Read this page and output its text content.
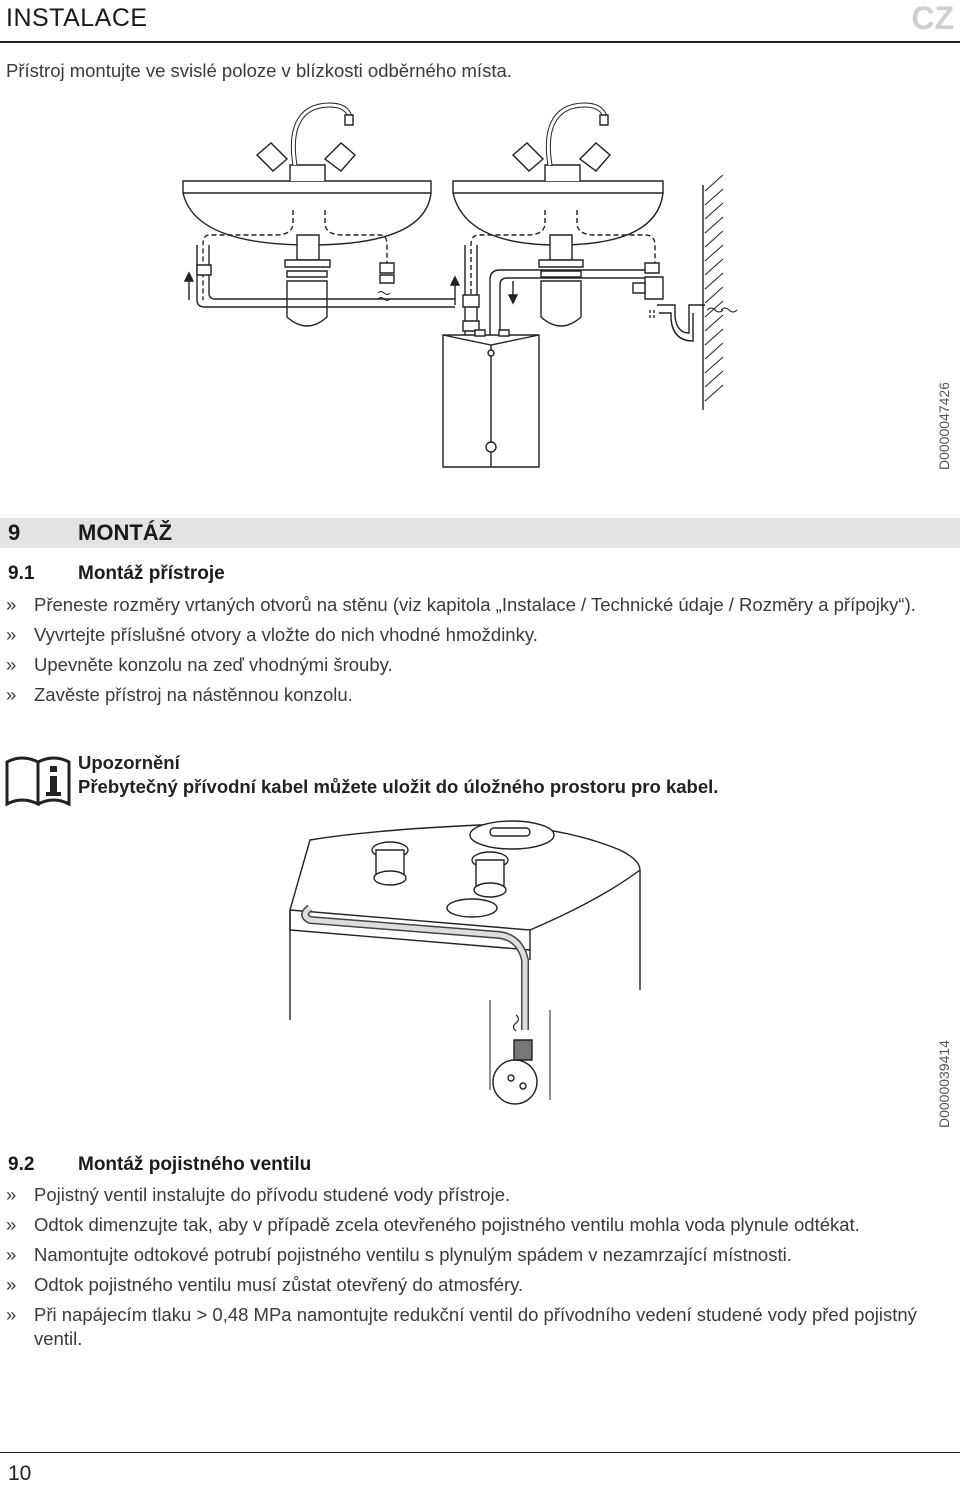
INSTALACE	CZ
Přístroj montujte ve svislé poloze v blízkosti odběrného místa.
D0000047426
9	MONTÁŽ
9.1 Montáž přístroje
» Přeneste rozměry vrtaných otvorů na stěnu (viz kapitola „Instalace / Technické údaje / Rozměry a přípojky“).
» Vyvrtejte příslušné otvory a vložte do nich vhodné hmoždinky.
» Upevněte konzolu na zeď vhodnými šrouby.
» Zavěste přístroj na nástěnnou konzolu.
Upozornění
Přebytečný přívodní kabel můžete uložit do úložného prostoru pro kabel.
D0000039414
9.2 Montáž pojistného ventilu
» Pojistný ventil instalujte do přívodu studené vody přístroje.
» Odtok dimenzujte tak, aby v případě zcela otevřeného pojistného ventilu mohla voda plynule odtékat.
» Namontujte odtokové potrubí pojistného ventilu s plynulým spádem v nezamrzající místnosti.
» Odtok pojistného ventilu musí zůstat otevřený do atmosféry.
» Při napájecím tlaku > 0,48 MPa namontujte redukční ventil do přívodního vedení studené vody před pojistný ventil.
10
